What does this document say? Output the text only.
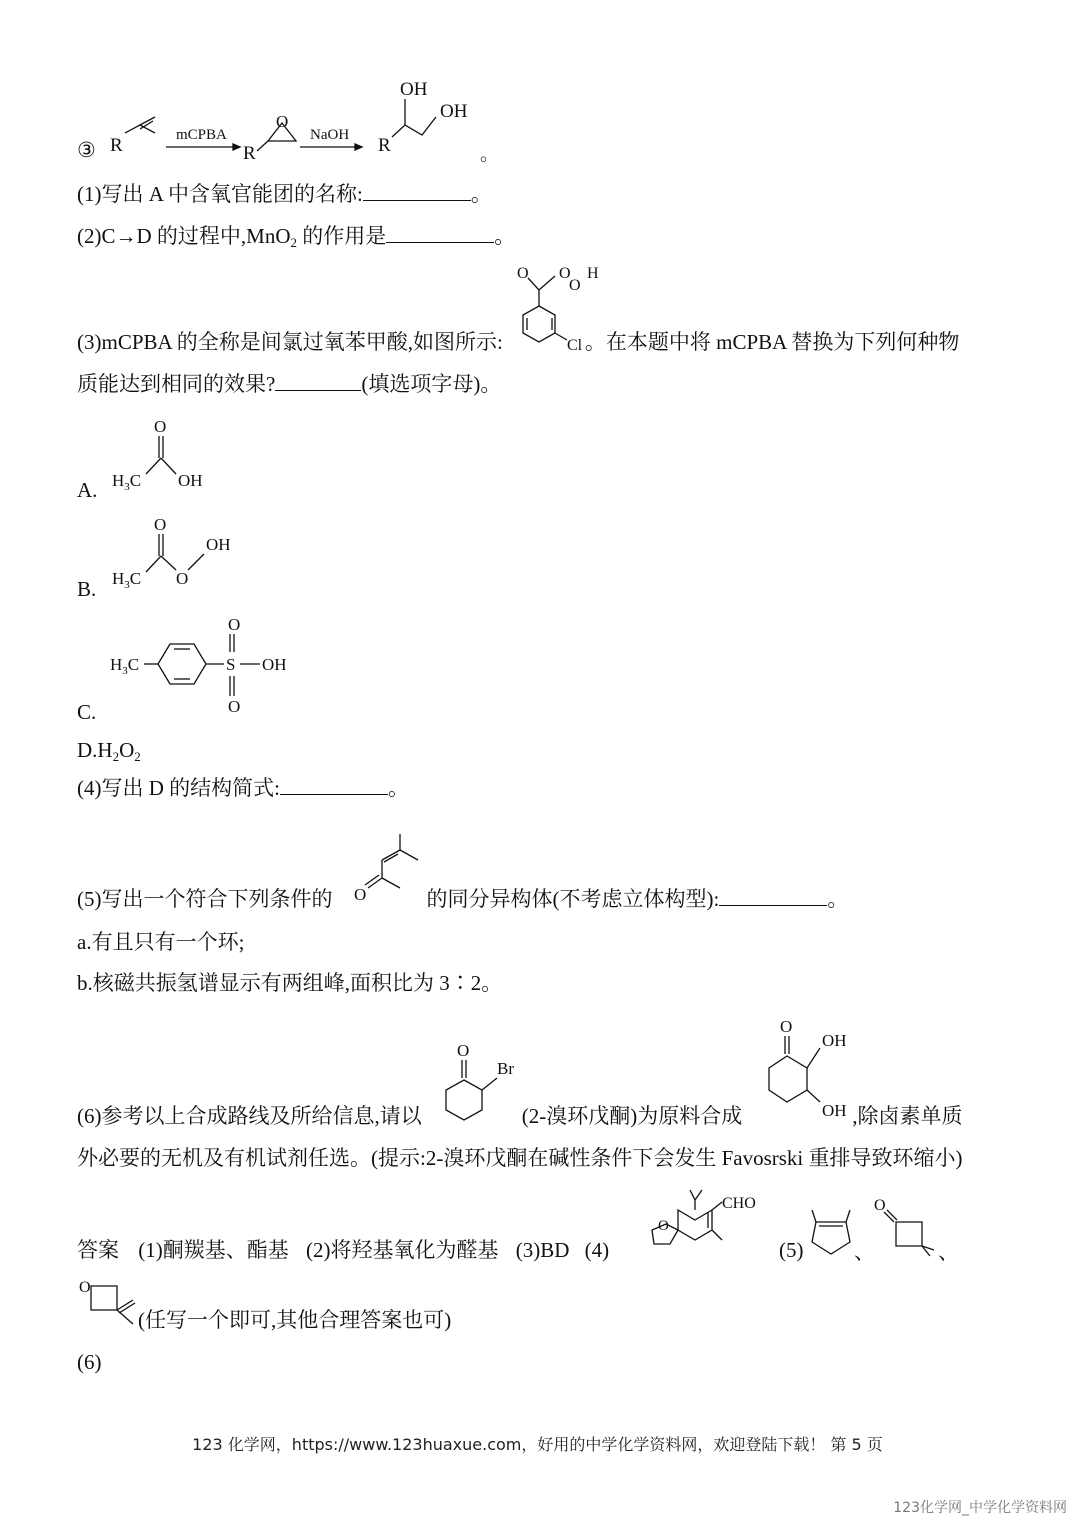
③ R	mCPBA
R
O
NaOH
OH
OH
R	。
(1)写出 A 中含氧官能团的名称:	。
(2)C→D 的过程中,MnO$_2$ 的作用是	。
(3)mCPBA 的全称是间氯过氧苯甲酸,如图所示:	。在本题中将 mCPBA 替换为下列何种物
O O
O
H
Cl
质能达到相同的效果?	(填选项字母)。
A.
O
$H_3C$ OH
B.
O
$H_3C$ O
OH
C.
$H_3C$	S
O
O
OH
$D.H_2O_2$
(4)写出 D 的结构简式:	。
(5)写出一个符合下列条件的	的同分异构体(不考虑立体构型):	。
O
a.有且只有一个环;
b.核磁共振氢谱显示有两组峰,面积比为 3∶2。
(6)参考以上合成路线及所给信息,请以	(2-溴环戊酮)为原料合成	,除卤素单质
O
Br
O
OH
OH
外必要的无机及有机试剂任选。(提示:2-溴环戊酮在碱性条件下会发生 Favosrski 重排导致环缩小)
答案 (1)酮羰基、酯基 (2)将羟基氧化为醛基 (3)BD (4)
CHO
O
(5) 、
O
、
O
(任写一个即可,其他合理答案也可)
(6)
123 化学网，https://www.123huaxue.com，好用的中学化学资料网，欢迎登陆下载！ 第 5 页
123化学网_中学化学资料网
